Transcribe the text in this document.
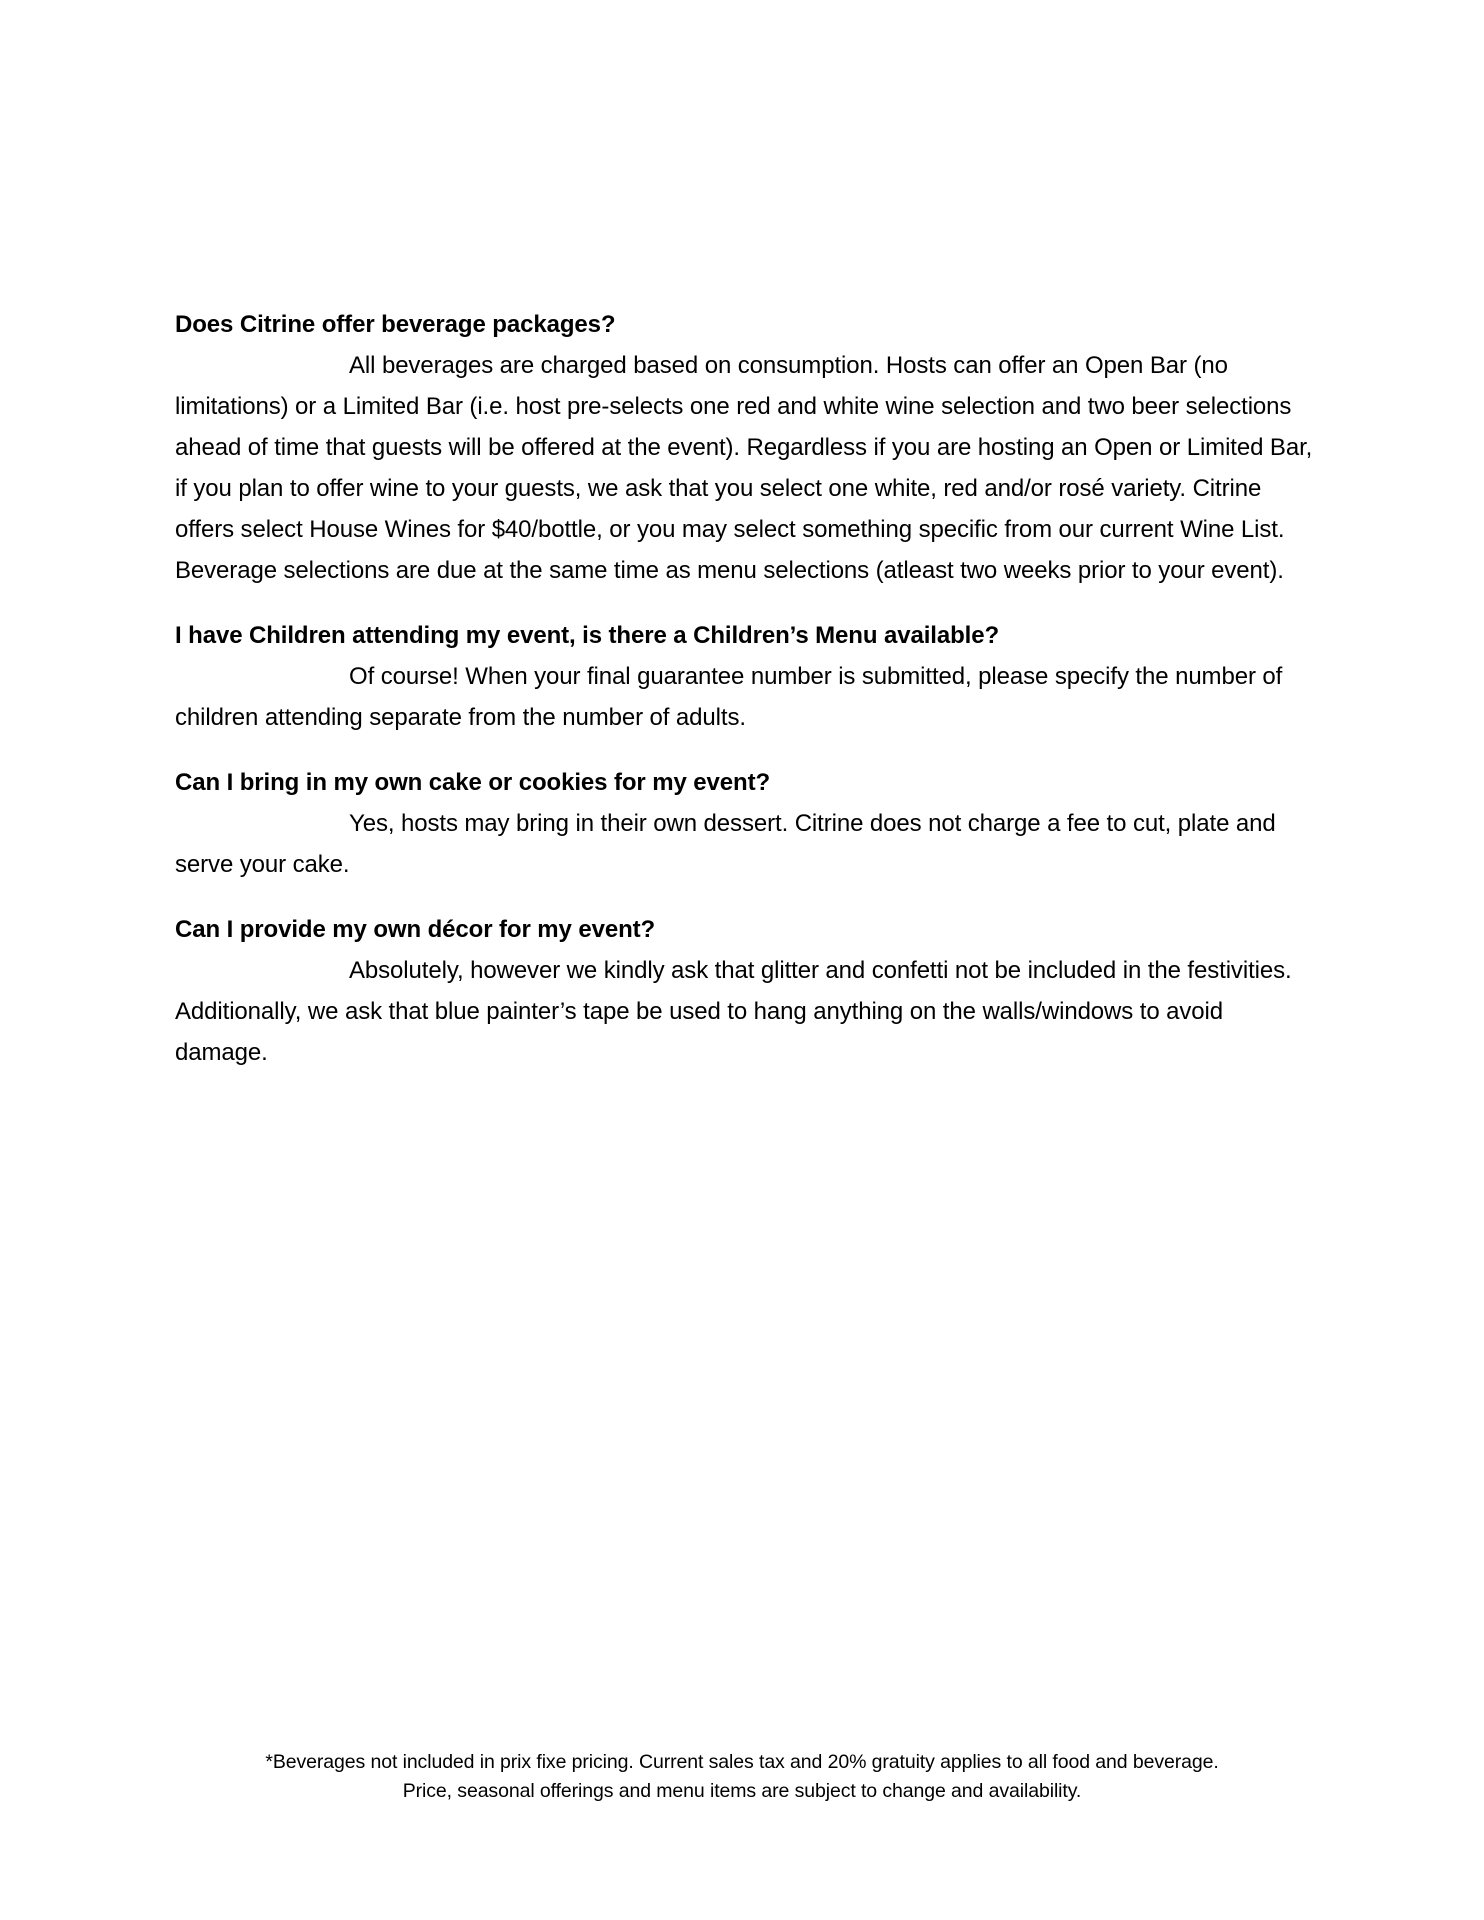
Does Citrine offer beverage packages?

All beverages are charged based on consumption. Hosts can offer an Open Bar (no limitations) or a Limited Bar (i.e. host pre-selects one red and white wine selection and two beer selections ahead of time that guests will be offered at the event). Regardless if you are hosting an Open or Limited Bar, if you plan to offer wine to your guests, we ask that you select one white, red and/or rosé variety. Citrine offers select House Wines for $40/bottle, or you may select something specific from our current Wine List. Beverage selections are due at the same time as menu selections (atleast two weeks prior to your event).

I have Children attending my event, is there a Children’s Menu available?

Of course! When your final guarantee number is submitted, please specify the number of children attending separate from the number of adults.

Can I bring in my own cake or cookies for my event?

Yes, hosts may bring in their own dessert. Citrine does not charge a fee to cut, plate and serve your cake.

Can I provide my own décor for my event?

Absolutely, however we kindly ask that glitter and confetti not be included in the festivities. Additionally, we ask that blue painter’s tape be used to hang anything on the walls/windows to avoid damage.

*Beverages not included in prix fixe pricing. Current sales tax and 20% gratuity applies to all food and beverage.
Price, seasonal offerings and menu items are subject to change and availability.
